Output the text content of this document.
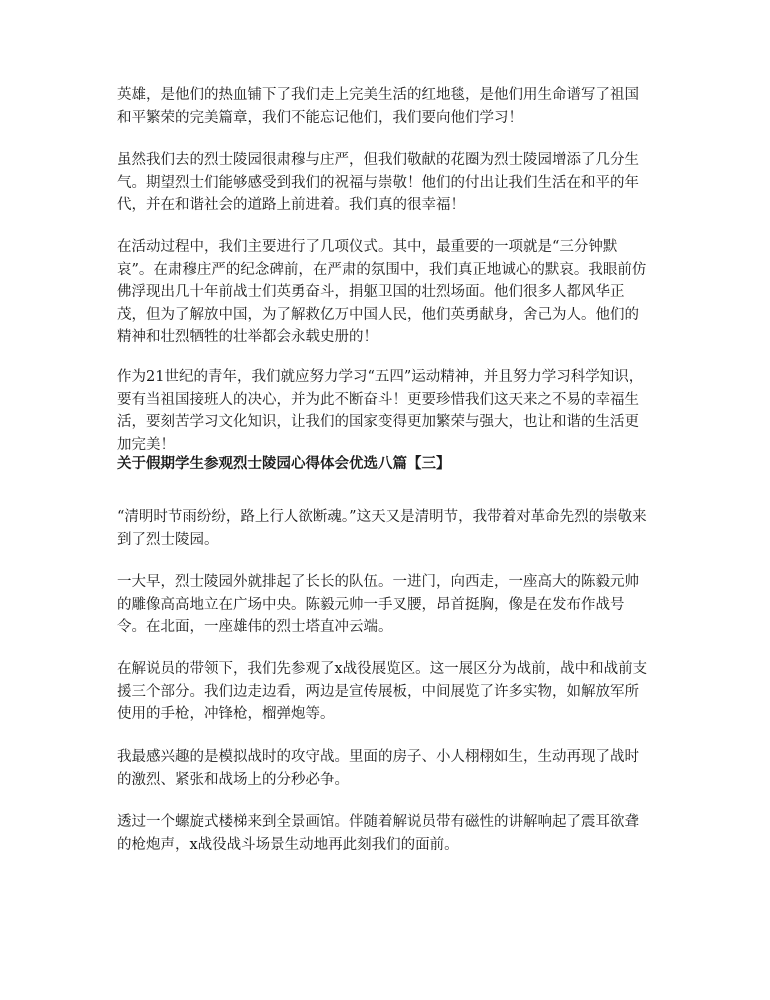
英雄，是他们的热血铺下了我们走上完美生活的红地毯，是他们用生命谱写了祖国和平繁荣的完美篇章，我们不能忘记他们，我们要向他们学习！

虽然我们去的烈士陵园很肃穆与庄严，但我们敬献的花圈为烈士陵园增添了几分生气。期望烈士们能够感受到我们的祝福与崇敬！他们的付出让我们生活在和平的年代，并在和谐社会的道路上前进着。我们真的很幸福！

在活动过程中，我们主要进行了几项仪式。其中，最重要的一项就是“三分钟默哀”。在肃穆庄严的纪念碑前，在严肃的氛围中，我们真正地诚心的默哀。我眼前仿佛浮现出几十年前战士们英勇奋斗，捐躯卫国的壮烈场面。他们很多人都风华正茂，但为了解放中国，为了解救亿万中国人民，他们英勇献身，舍己为人。他们的精神和壮烈牺牲的壮举都会永载史册的！

作为21世纪的青年，我们就应努力学习“五四”运动精神，并且努力学习科学知识，要有当祖国接班人的决心，并为此不断奋斗！更要珍惜我们这天来之不易的幸福生活，要刻苦学习文化知识，让我们的国家变得更加繁荣与强大，也让和谐的生活更加完美！

关于假期学生参观烈士陵园心得体会优选八篇【三】

“清明时节雨纷纷，路上行人欲断魂。”这天又是清明节，我带着对革命先烈的崇敬来到了烈士陵园。

一大早，烈士陵园外就排起了长长的队伍。一进门，向西走，一座高大的陈毅元帅的雕像高高地立在广场中央。陈毅元帅一手叉腰，昂首挺胸，像是在发布作战号令。在北面，一座雄伟的烈士塔直冲云端。

在解说员的带领下，我们先参观了x战役展览区。这一展区分为战前，战中和战前支援三个部分。我们边走边看，两边是宣传展板，中间展览了许多实物，如解放军所使用的手枪，冲锋枪，榴弹炮等。

我最感兴趣的是模拟战时的攻守战。里面的房子、小人栩栩如生，生动再现了战时的激烈、紧张和战场上的分秒必争。

透过一个螺旋式楼梯来到全景画馆。伴随着解说员带有磁性的讲解响起了震耳欲聋的枪炮声，x战役战斗场景生动地再此刻我们的面前。
